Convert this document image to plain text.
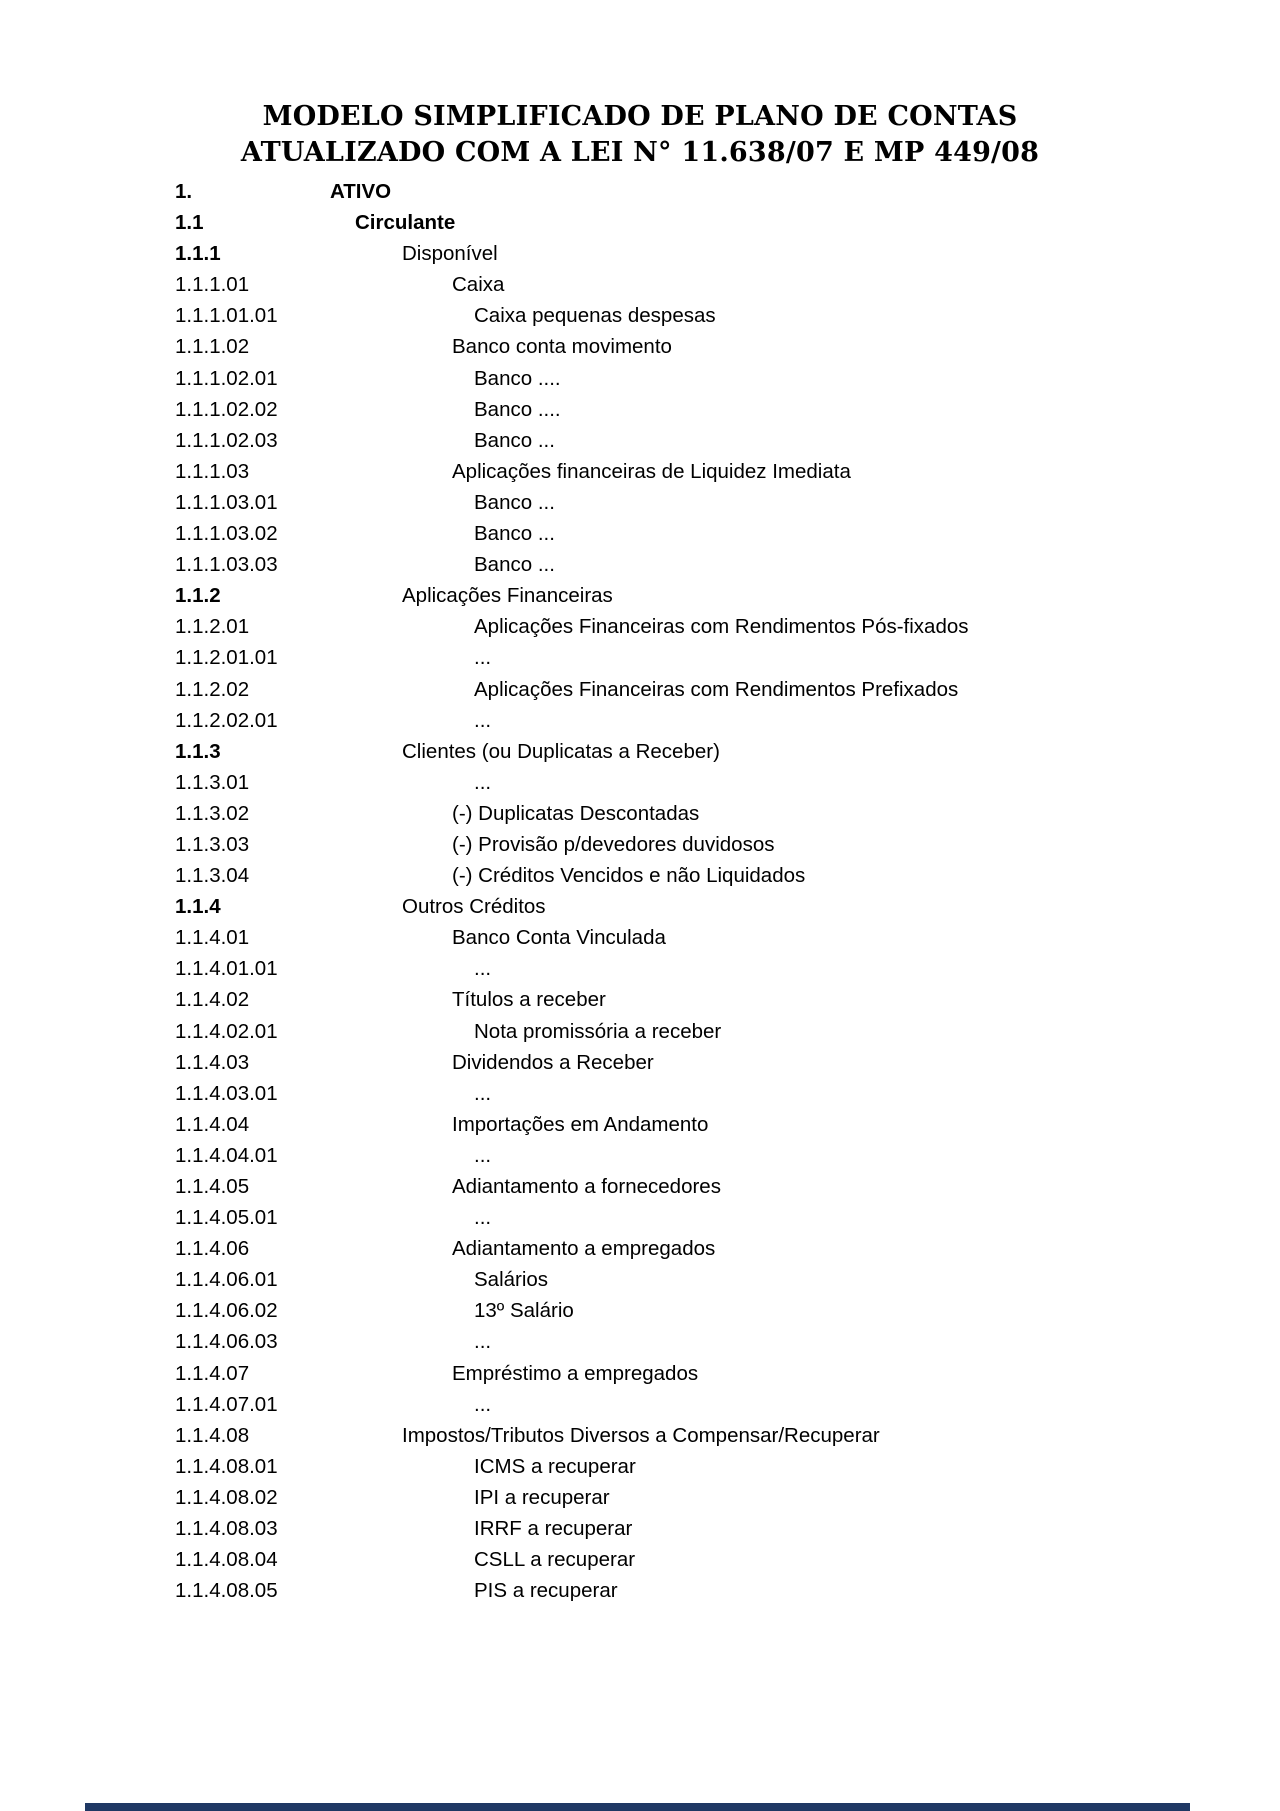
MODELO SIMPLIFICADO DE PLANO DE CONTAS
ATUALIZADO COM A LEI N° 11.638/07 E MP 449/08
1.	ATIVO
1.1	Circulante
1.1.1	Disponível
1.1.1.01	Caixa
1.1.1.01.01	Caixa pequenas despesas
1.1.1.02	Banco conta movimento
1.1.1.02.01	Banco ....
1.1.1.02.02	Banco ....
1.1.1.02.03	Banco ...
1.1.1.03	Aplicações financeiras de Liquidez Imediata
1.1.1.03.01	Banco ...
1.1.1.03.02	Banco ...
1.1.1.03.03	Banco ...
1.1.2	Aplicações Financeiras
1.1.2.01	Aplicações Financeiras com Rendimentos Pós-fixados
1.1.2.01.01	...
1.1.2.02	Aplicações Financeiras com Rendimentos Prefixados
1.1.2.02.01	...
1.1.3	Clientes (ou Duplicatas a Receber)
1.1.3.01	...
1.1.3.02	(-) Duplicatas Descontadas
1.1.3.03	(-) Provisão p/devedores duvidosos
1.1.3.04	(-) Créditos Vencidos e não Liquidados
1.1.4	Outros Créditos
1.1.4.01	Banco Conta Vinculada
1.1.4.01.01	...
1.1.4.02	Títulos a receber
1.1.4.02.01	Nota promissória a receber
1.1.4.03	Dividendos a Receber
1.1.4.03.01	...
1.1.4.04	Importações em Andamento
1.1.4.04.01	...
1.1.4.05	Adiantamento a fornecedores
1.1.4.05.01	...
1.1.4.06	Adiantamento a empregados
1.1.4.06.01	Salários
1.1.4.06.02	13º Salário
1.1.4.06.03	...
1.1.4.07	Empréstimo a empregados
1.1.4.07.01	...
1.1.4.08	Impostos/Tributos Diversos a Compensar/Recuperar
1.1.4.08.01	ICMS a recuperar
1.1.4.08.02	IPI a recuperar
1.1.4.08.03	IRRF a recuperar
1.1.4.08.04	CSLL a recuperar
1.1.4.08.05	PIS a recuperar
